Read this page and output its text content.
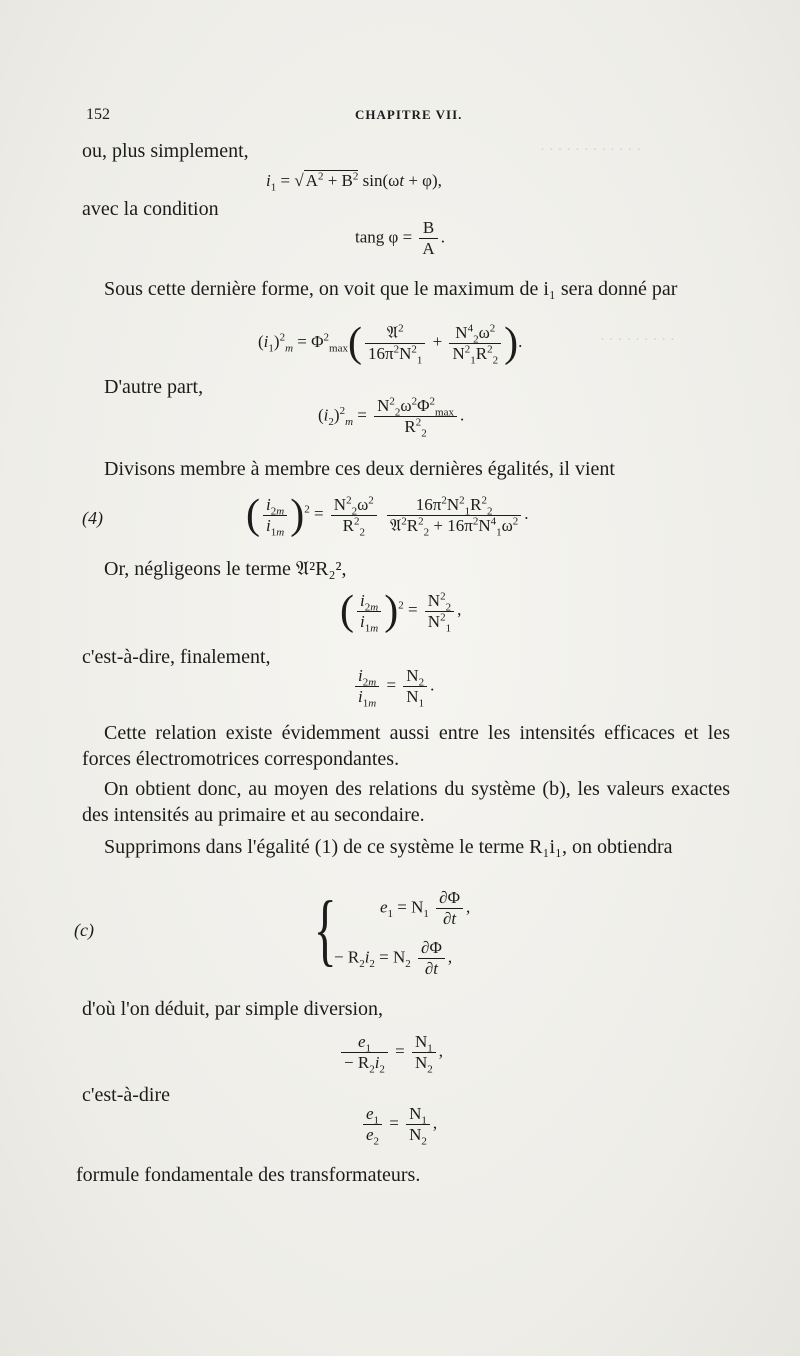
· · · · · · · · · · · ·
· · · · · · · · ·
152	CHAPITRE VII.
ou, plus simplement,
$i_1$ = √ $A^2 + B^2$ sin(ωt + φ),
avec la condition
tang $\varphi = \frac{B}{A}$ .
Sous cette dernière forme, on voit que le maximum de i₁ sera donné par
$(i_1)^2_m = \Phi^2_{max}( \frac{𝔄^2}{16\pi^2N^2_1} + \frac{N^4_2\omega^2}{N^2_1R^2_2}$ ).
D'autre part,
$(i_2)^2_m = \frac{N^2_2\omega^2\Phi^2_{max}}{R^2_2}$ .
Divisons membre à membre ces deux dernières égalités, il vient
(4)	( $\frac{i_{2m}}{i_{1m}} )^2 = \frac{N^2_2\omega^2}{R^2_2}$
$\frac{16\pi^2N^2_1R^2_2}{𝔄^2R^2_2 + 16\pi^2N^4_1\omega^2}$ .
Or, négligeons le terme 𝔄²R₂²,
( $\frac{i_{2m}}{i_{1m}} )^2 = \frac{N^2_2}{N^2_1}$ ,
c'est-à-dire, finalement,
$\frac{i_{2m}}{i_{1m}} = \frac{N_2}{N_1}$ .
Cette relation existe évidemment aussi entre les intensités efficaces et les forces électromotrices correspondantes.
On obtient donc, au moyen des relations du système (b), les valeurs exactes des intensités au primaire et au secondaire.
Supprimons dans l'égalité (1) de ce système le terme R₁i₁, on obtiendra
(c)	{	$e_1 = N_1 \frac{\partial\Phi}{\partial t}$ ,
− $R_2i_2 = N_2 \frac{\partial\Phi}{\partial t}$ ,
d'où l'on déduit, par simple diversion,
$\frac{e_1}{- R_2i_2} = \frac{N_1}{N_2}$ ,
c'est-à-dire
$\frac{e_1}{e_2} = \frac{N_1}{N_2}$ ,
formule fondamentale des transformateurs.
